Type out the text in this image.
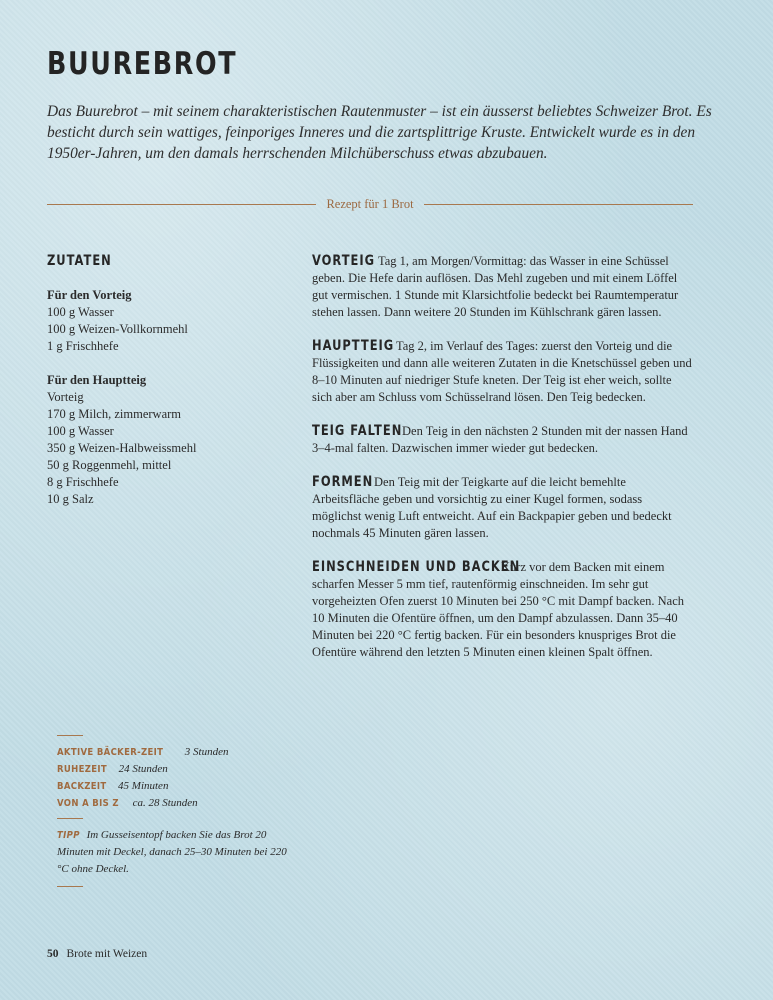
BUUREBROT

Das Buurebrot – mit seinem charakteristischen Rautenmuster – ist ein äusserst beliebtes Schweizer Brot. Es besticht durch sein wattiges, feinporiges Inneres und die zartsplittrige Kruste. Entwickelt wurde es in den 1950er-Jahren, um den damals herrschenden Milchüberschuss etwas abzubauen.

Rezept für 1 Brot
ZUTATEN

Für den Vorteig

100 g Wasser
100 g Weizen-Vollkornmehl
1 g Frischhefe

Für den Hauptteig

Vorteig
170 g Milch, zimmerwarm
100 g Wasser
350 g Weizen-Halbweissmehl
50 g Roggenmehl, mittel
8 g Frischhefe
10 g Salz

VORTEIG Tag 1, am Morgen/Vormittag: das Wasser in eine Schüssel geben. Die Hefe darin auflösen. Das Mehl zugeben und mit einem Löffel gut vermischen. 1 Stunde mit Klarsichtfolie bedeckt bei Raumtemperatur stehen lassen. Dann weitere 20 Stunden im Kühlschrank gären lassen.

HAUPTTEIG Tag 2, im Verlauf des Tages: zuerst den Vorteig und die Flüssigkeiten und dann alle weiteren Zutaten in die Knetschüssel geben und 8–10 Minuten auf niedriger Stufe kneten. Der Teig ist eher weich, sollte sich aber am Schluss vom Schüsselrand lösen. Den Teig bedecken.

TEIG FALTENDen Teig in den nächsten 2 Stunden mit der nassen Hand 3–4-mal falten. Dazwischen immer wieder gut bedecken.

FORMENDen Teig mit der Teigkarte auf die leicht bemehlte Arbeitsfläche geben und vorsichtig zu einer Kugel formen, sodass möglichst wenig Luft entweicht. Auf ein Backpapier geben und bedeckt nochmals 45 Minuten gären lassen.

EINSCHNEIDEN UND BACKENKurz vor dem Backen mit einem scharfen Messer 5 mm tief, rautenförmig einschneiden. Im sehr gut vorgeheizten Ofen zuerst 10 Minuten bei 250 °C mit Dampf backen. Nach 10 Minuten die Ofentüre öffnen, um den Dampf abzulassen. Dann 35–40 Minuten bei 220 °C fertig backen. Für ein besonders knuspriges Brot die Ofentüre während den letzten 5 Minuten einen kleinen Spalt öffnen.

AKTIVE BÄCKER-ZEIT 3 Stunden
RUHEZEIT 24 Stunden
BACKZEIT 45 Minuten
VON A BIS Z ca. 28 Stunden

TIPP Im Gusseisentopf backen Sie das Brot 20 Minuten mit Deckel, danach 25–30 Minuten bei 220 °C ohne Deckel.

50 Brote mit Weizen
